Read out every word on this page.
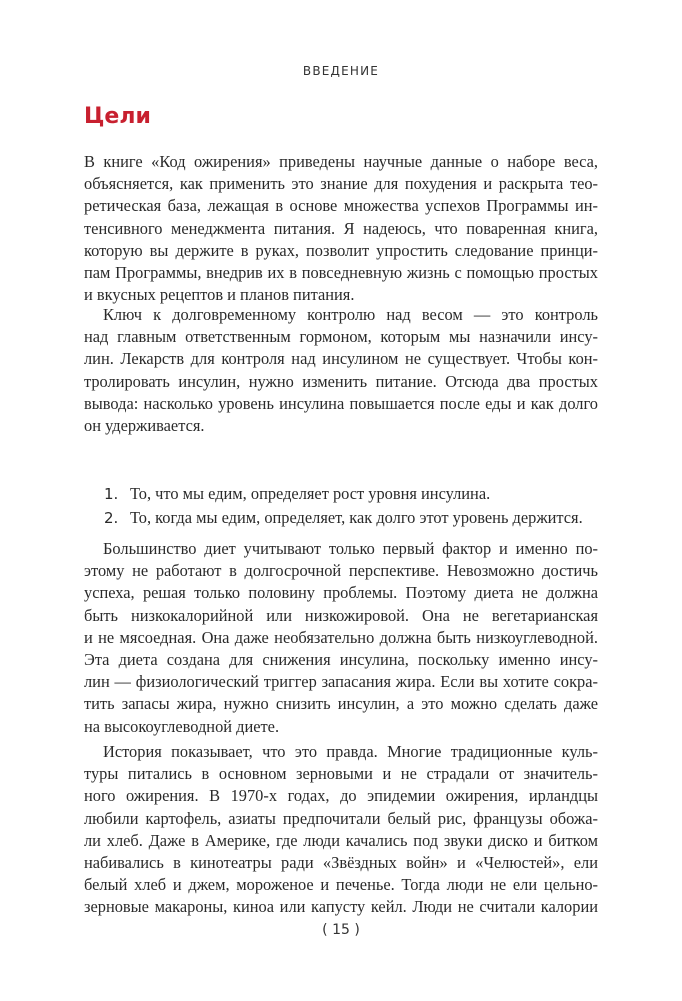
ВВЕДЕНИЕ
Цели
В книге «Код ожирения» приведены научные данные о наборе веса,
объясняется, как применить это знание для похудения и раскрыта тео-
ретическая база, лежащая в основе множества успехов Программы ин-
тенсивного менеджмента питания. Я надеюсь, что поваренная книга,
которую вы держите в руках, позволит упростить следование принци-
пам Программы, внедрив их в повседневную жизнь с помощью простых
и вкусных рецептов и планов питания.
Ключ к долговременному контролю над весом — это контроль
над главным ответственным гормоном, которым мы назначили инсу-
лин. Лекарств для контроля над инсулином не существует. Чтобы кон-
тролировать инсулин, нужно изменить питание. Отсюда два простых
вывода: насколько уровень инсулина повышается после еды и как долго
он удерживается.
1. То, что мы едим, определяет рост уровня инсулина.
2. То, когда мы едим, определяет, как долго этот уровень держится.
Большинство диет учитывают только первый фактор и именно по-
этому не работают в долгосрочной перспективе. Невозможно достичь
успеха, решая только половину проблемы. Поэтому диета не должна
быть низкокалорийной или низкожировой. Она не вегетарианская
и не мясоедная. Она даже необязательно должна быть низкоуглеводной.
Эта диета создана для снижения инсулина, поскольку именно инсу-
лин — физиологический триггер запасания жира. Если вы хотите сокра-
тить запасы жира, нужно снизить инсулин, а это можно сделать даже
на высокоуглеводной диете.
История показывает, что это правда. Многие традиционные куль-
туры питались в основном зерновыми и не страдали от значитель-
ного ожирения. В 1970-х годах, до эпидемии ожирения, ирландцы
любили картофель, азиаты предпочитали белый рис, французы обожа-
ли хлеб. Даже в Америке, где люди качались под звуки диско и битком
набивались в кинотеатры ради «Звёздных войн» и «Челюстей», ели
белый хлеб и джем, мороженое и печенье. Тогда люди не ели цельно-
зерновые макароны, киноа или капусту кейл. Люди не считали калории
( 15 )
